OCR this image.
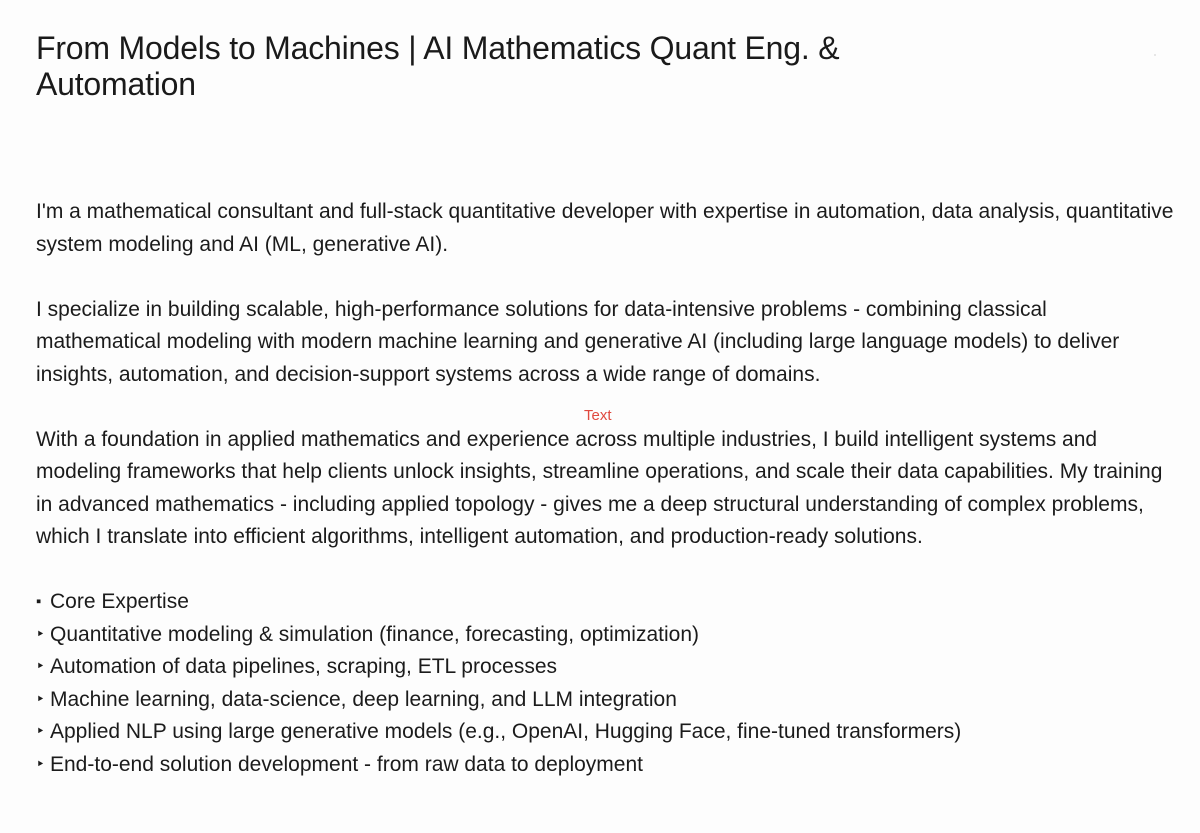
From Models to Machines | AI Mathematics Quant Eng. & Automation
Text

I'm a mathematical consultant and full-stack quantitative developer with expertise in automation, data analysis, quantitative system modeling and AI (ML, generative AI).

I specialize in building scalable, high-performance solutions for data-intensive problems - combining classical mathematical modeling with modern machine learning and generative AI (including large language models) to deliver insights, automation, and decision-support systems across a wide range of domains.

With a foundation in applied mathematics and experience across multiple industries, I build intelligent systems and modeling frameworks that help clients unlock insights, streamline operations, and scale their data capabilities. My training in advanced mathematics - including applied topology - gives me a deep structural understanding of complex problems, which I translate into efficient algorithms, intelligent automation, and production-ready solutions.

▪ Core Expertise
‣ Quantitative modeling & simulation (finance, forecasting, optimization)
‣ Automation of data pipelines, scraping, ETL processes
‣ Machine learning, data-science, deep learning, and LLM integration
‣ Applied NLP using large generative models (e.g., OpenAI, Hugging Face, fine-tuned transformers)
‣ End-to-end solution development - from raw data to deployment
